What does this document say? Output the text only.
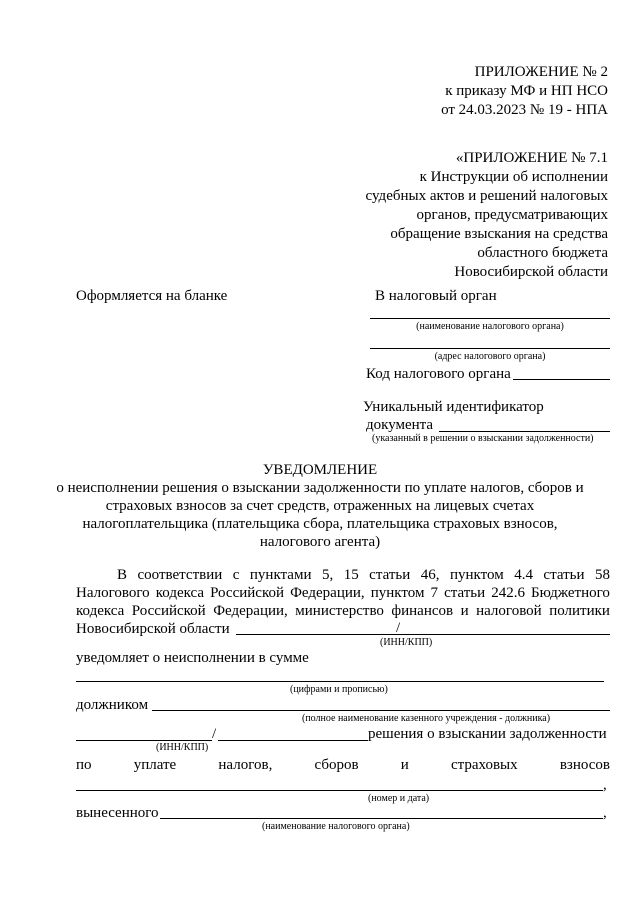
ПРИЛОЖЕНИЕ № 2
к приказу МФ и НП НСО
от 24.03.2023 № 19 - НПА
«ПРИЛОЖЕНИЕ № 7.1
к Инструкции об исполнении
судебных актов и решений налоговых
органов, предусматривающих
обращение взыскания на средства
областного бюджета
Новосибирской области
Оформляется на бланке	В налоговый орган
(наименование налогового органа)
(адрес налогового органа)
Код налогового органа
Уникальный идентификатор
документа
(указанный в решении о взыскании задолженности)
УВЕДОМЛЕНИЕ
о неисполнении решения о взыскании задолженности по уплате налогов, сборов и
страховых взносов за счет средств, отраженных на лицевых счетах
налогоплательщика (плательщика сбора, плательщика страховых взносов,
налогового агента)
В соответствии с пунктами 5, 15 статьи 46, пунктом 4.4 статьи 58
Налогового кодекса Российской Федерации, пунктом 7 статьи 242.6 Бюджетного
кодекса Российской Федерации, министерство финансов и налоговой политики
Новосибирской области	/
(ИНН/КПП)
уведомляет о неисполнении в сумме
(цифрами и прописью)
должником
(полное наименование казенного учреждения - должника)
/	решения о взыскании задолженности
(ИНН/КПП)
по	уплате	налогов,	сборов	и	страховых	взносов
,
(номер и дата)
вынесенного	,
(наименование налогового органа)
